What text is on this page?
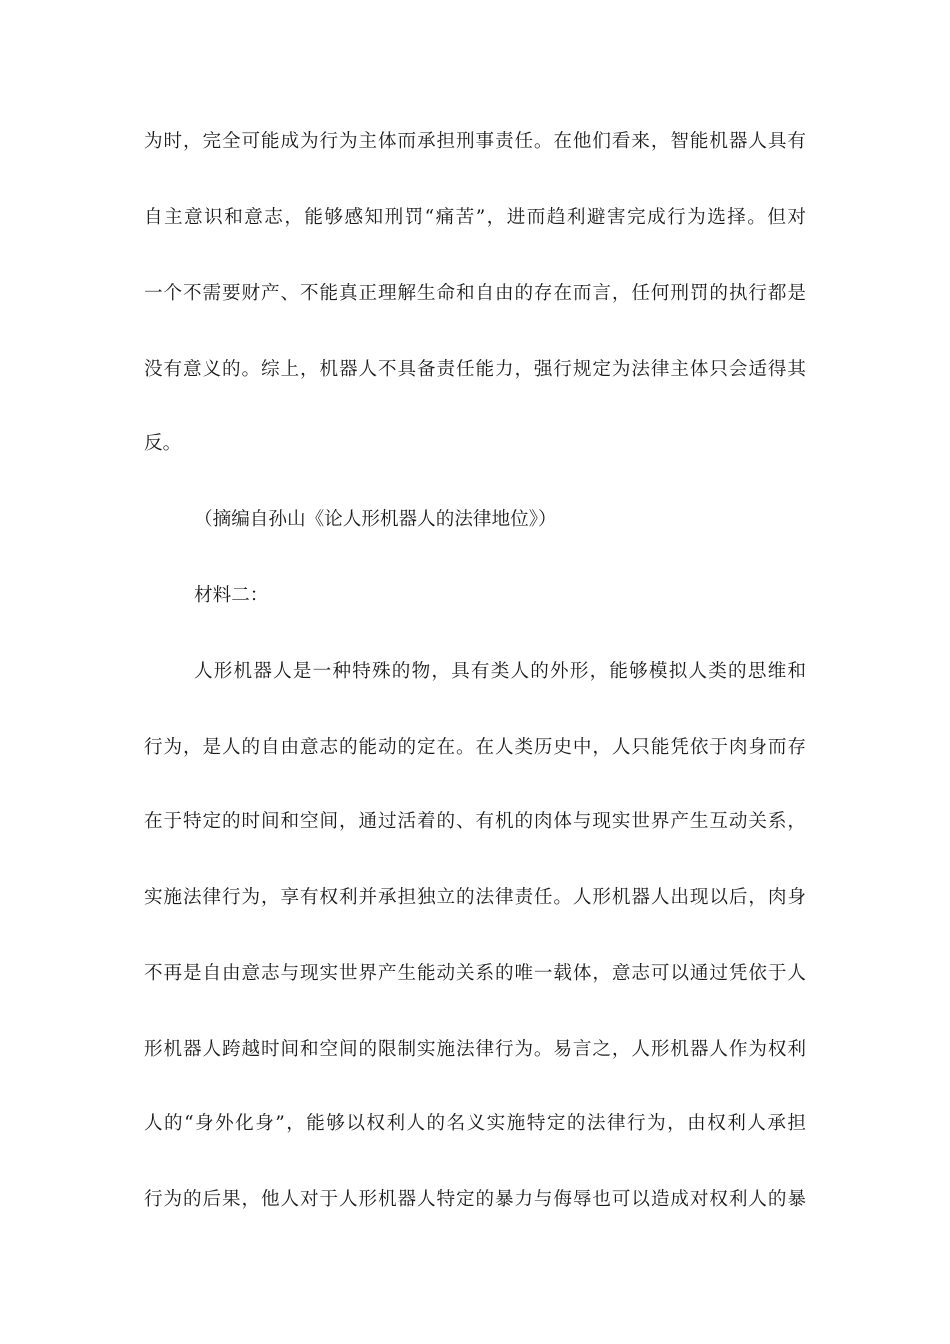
为时，完全可能成为行为主体而承担刑事责任。在他们看来，智能机器人具有
自主意识和意志，能够感知刑罚“痛苦”，进而趋利避害完成行为选择。但对
一个不需要财产、不能真正理解生命和自由的存在而言，任何刑罚的执行都是
没有意义的。综上，机器人不具备责任能力，强行规定为法律主体只会适得其
反。
（摘编自孙山《论人形机器人的法律地位》）
材料二：
人形机器人是一种特殊的物，具有类人的外形，能够模拟人类的思维和
行为，是人的自由意志的能动的定在。在人类历史中，人只能凭依于肉身而存
在于特定的时间和空间，通过活着的、有机的肉体与现实世界产生互动关系，
实施法律行为，享有权利并承担独立的法律责任。人形机器人出现以后，肉身
不再是自由意志与现实世界产生能动关系的唯一载体，意志可以通过凭依于人
形机器人跨越时间和空间的限制实施法律行为。易言之，人形机器人作为权利
人的“身外化身”，能够以权利人的名义实施特定的法律行为，由权利人承担
行为的后果，他人对于人形机器人特定的暴力与侮辱也可以造成对权利人的暴
